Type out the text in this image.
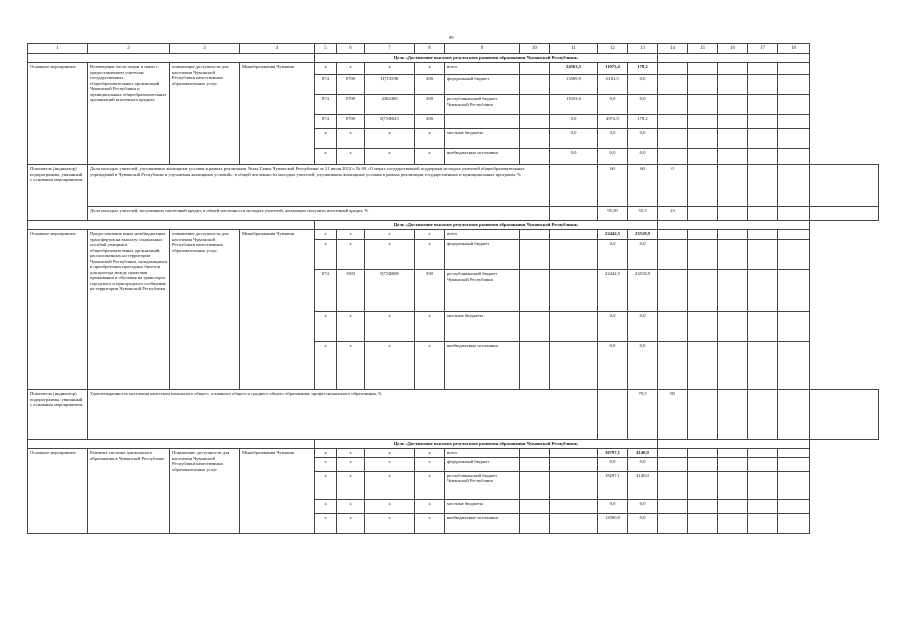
89
1	2	3	4	5	6	7	8	9	10	11	12	13	14	15	16	17	18	
				Цель «Достижение высоких результатов развития образования Чувашской Республики»														
Основное мероприятие	Возмещение части затрат в связи с предоставлением учителям государственных общеобразовательных организаций Чувашской Республики и муниципальных общеобразовательных организаций ипотечного кредита	повышение доступности для населения Чувашской Республики качественных образовательных услуг	Минобразования Чувашии	х	х	х	х	всего		24563,5	11075,4	178,2						
				874	0709	Ц715598	300	федеральный бюджет		13509,9	6102,5	0,0						
				874	0709	4362400	300	республиканский бюджет Чувашской Республики		11053,6	0,0	0,0						
				874	0709	Ц71Ф023	300			0,0	4972,9	178,2						
				х	х	х	х	местные бюджеты		0,0	0,0	0,0						
				х	х	х	х	внебюджетные источники		0,0	0,0	0,0						
Показатель (индикатор) подпрограммы, увязанный с основным мероприятием	Доля молодых учителей, улучшивших жилищные условия в рамках реализации Указа Главы Чувашской Республики от 21 июля 2012 г. № 69 «О мерах государственной поддержки молодых учителей общеобразовательных учреждений в Чувашской Республике и улучшения жилищных условий», в общей численности молодых учителей, улучшивших жилищные условия в рамках реализации государственных и муниципальных программ, %										60	60	0					
	Доля молодых учителей, получивших ипотечный кредит, в общей численности молодых учителей, желающих получить ипотечный кредит, %										95,50	55,3	23					
				Цель «Достижение высоких результатов развития образования Чувашской Республики»														
Основное мероприятие	Предоставление иных межбюджетных трансфертов на выплату социальных пособий учащимся общеобразовательных организаций, расположенных на территории Чувашской Республики, нуждающимся в приобретении проездных билетов для проезда между пунктами проживания и обучения на транспорте городского и пригородного сообщения на территории Чувашской Республики	повышение доступности для населения Чувашской Республики качественных образовательных услуг	Минобразования Чувашии	х	х	х	х	всего			22442,5	23518,9						
				х	х	х	х	федеральный бюджет			0,0	0,0						
				874	1003	Ц71Ф008	500	республиканский бюджет Чувашской Республики			22442,5	23518,9						
				х	х	х	х	местные бюджеты			0,0	0,0						
				х	х	х	х	внебюджетные источники			0,0	0,0						
Показатель (индикатор) подпрограммы, увязанный с основным мероприятием	Удовлетворенность населения качеством начального общего, основного общего и среднего общего образования, профессионального образования, %											79,5	80					
				Цель «Достижение высоких результатов развития образования Чувашской Республики»														
Основное мероприятие	Развитие системы дошкольного образования в Чувашской Республике	Повышение доступности для населения Чувашской Республики качественных образовательных услуг	Минобразования Чувашии	х	х	х	х	всего			30797,1	4140,0						
				х	х	х	х	федеральный бюджет			0,0	0,0						
				х	х	х	х	республиканский бюджет Чувашской Республики			18297,1	4140,0						
				х	х	х	х	местные бюджеты			0,0	0,0						
				х	х	х	х	внебюджетные источники			12500,0	0,0						
